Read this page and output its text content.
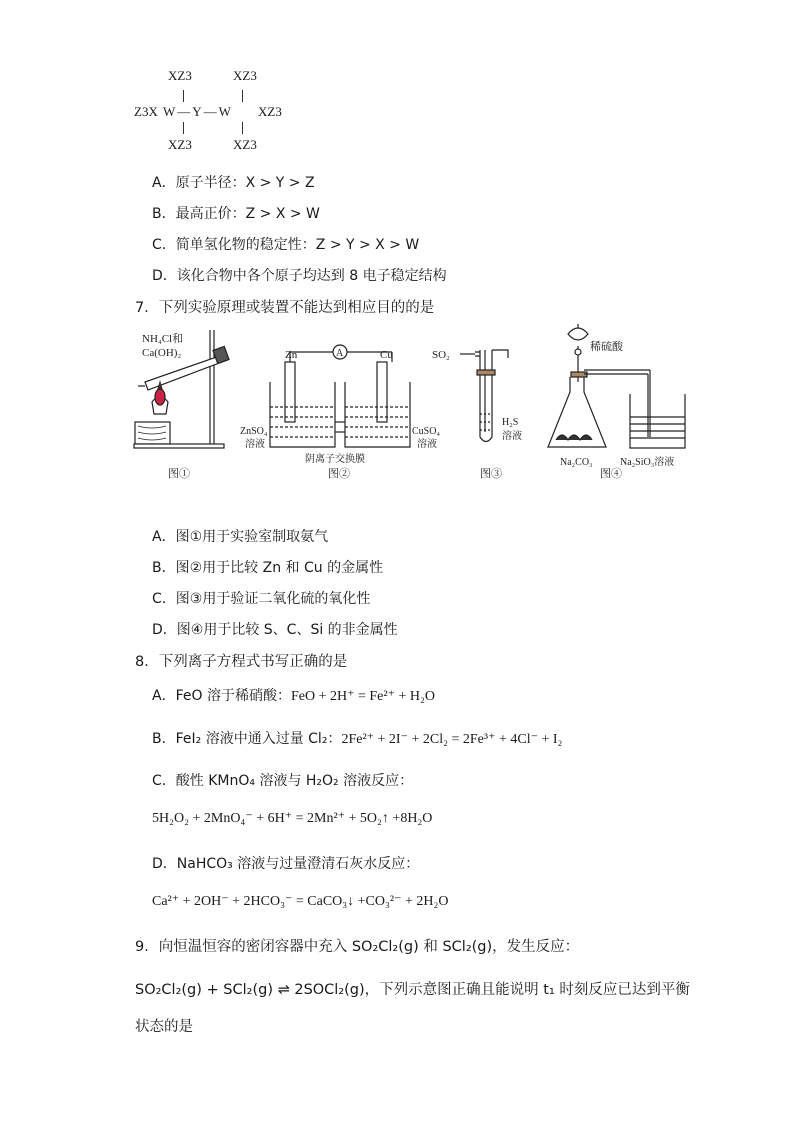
XZ3	XZ3
Z3X W—Y—W XZ3
XZ3	XZ3
A．原子半径：X > Y > Z
B．最高正价：Z > X > W
C．简单氢化物的稳定性：Z > Y > X > W
D．该化合物中各个原子均达到 8 电子稳定结构
7．下列实验原理或装置不能达到相应目的的是
NH₄Cl和
Ca(OH)₂
图①
A
Zn	Cu
ZnSO₄
溶液
CuSO₄
溶液
阴离子交换膜
图②
SO₂
H₂S
溶液
图③
稀硫酸
Na₂CO₃	Na₂SiO₃溶液
图④
A．图①用于实验室制取氨气
B．图②用于比较 Zn 和 Cu 的金属性
C．图③用于验证二氧化硫的氧化性
D．图④用于比较 S、C、Si 的非金属性
8．下列离子方程式书写正确的是
A．FeO 溶于稀硝酸：FeO + 2H⁺ = Fe²⁺ + H₂O
B．FeI₂ 溶液中通入过量 Cl₂：2Fe²⁺ + 2I⁻ + 2Cl₂ = 2Fe³⁺ + 4Cl⁻ + I₂
C．酸性 KMnO₄ 溶液与 H₂O₂ 溶液反应：
5H₂O₂ + 2MnO₄⁻ + 6H⁺ = 2Mn²⁺ + 5O₂↑ +8H₂O
D．NaHCO₃ 溶液与过量澄清石灰水反应：
Ca²⁺ + 2OH⁻ + 2HCO₃⁻ = CaCO₃↓ +CO₃²⁻ + 2H₂O
9．向恒温恒容的密闭容器中充入 SO₂Cl₂(g) 和 SCl₂(g)，发生反应：
SO₂Cl₂(g) + SCl₂(g) ⇌ 2SOCl₂(g)，下列示意图正确且能说明 t₁ 时刻反应已达到平衡
状态的是
